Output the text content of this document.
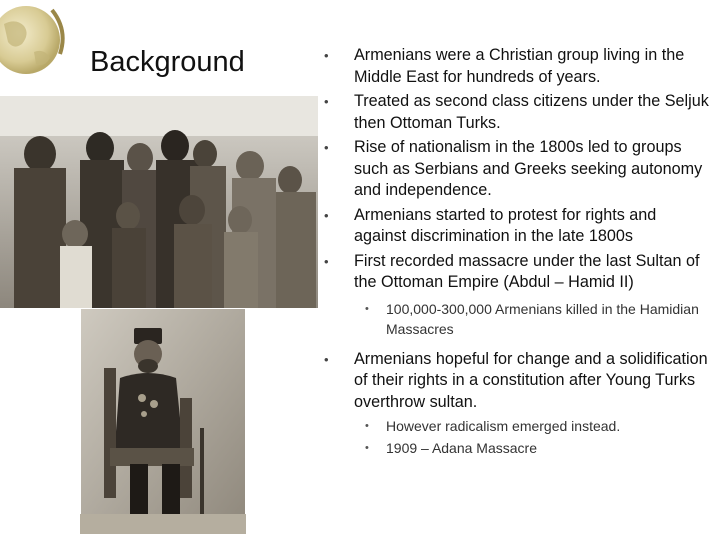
Background	• Armenians were a Christian group living in the Middle East for hundreds of years.
• Treated as second class citizens under the Seljuk then Ottoman Turks.
• Rise of nationalism in the 1800s led to groups such as Serbians and Greeks seeking autonomy and independence.
• Armenians started to protest for rights and against discrimination in the late 1800s
• First recorded massacre under the last Sultan of the Ottoman Empire (Abdul – Hamid II)
• 100,000-300,000 Armenians killed in the Hamidian Massacres
• Armenians hopeful for change and a solidification of their rights in a constitution after Young Turks overthrow sultan.
• However radicalism emerged instead.
• 1909 – Adana Massacre
